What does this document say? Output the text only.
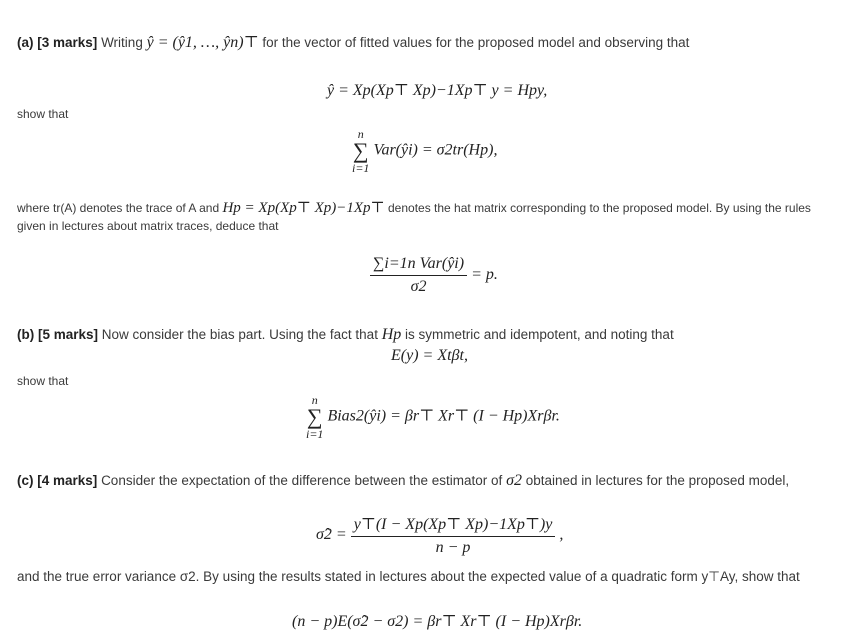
(a) [3 marks] Writing ŷ = (ŷ1, …, ŷn)⊤ for the vector of fitted values for the proposed model and observing that
ŷ = Xp(Xp⊤ Xp)−1Xp⊤ y = Hpy,
show that
n
∑
i=1
Var(ŷi) = σ2tr(Hp),
where tr(A) denotes the trace of A and Hp = Xp(Xp⊤ Xp)−1Xp⊤ denotes the hat matrix corresponding to the proposed model. By using the rules
given in lectures about matrix traces, deduce that
$\frac{\text{∑i=1n Var(ŷi)}}{\sigma 2} = p$.
(b) [5 marks] Now consider the bias part. Using the fact that Hp is symmetric and idempotent, and noting that
E(y) = Xtβt,
show that
n
∑
i=1
Bias2(ŷi) = βr⊤ Xr⊤ (I − Hp)Xrβr.
(c) [4 marks] Consider the expectation of the difference between the estimator of σ2 obtained in lectures for the proposed model,
σ̂2 = $\frac{y⊤(I - Xp(Xp⊤ Xp)-1Xp⊤)y}{n - p}$ ,
and the true error variance σ2. By using the results stated in lectures about the expected value of a quadratic form y⊤Ay, show that
(n − p)E(σ̂2 − σ2) = βr⊤ Xr⊤ (I − Hp)Xrβr.
